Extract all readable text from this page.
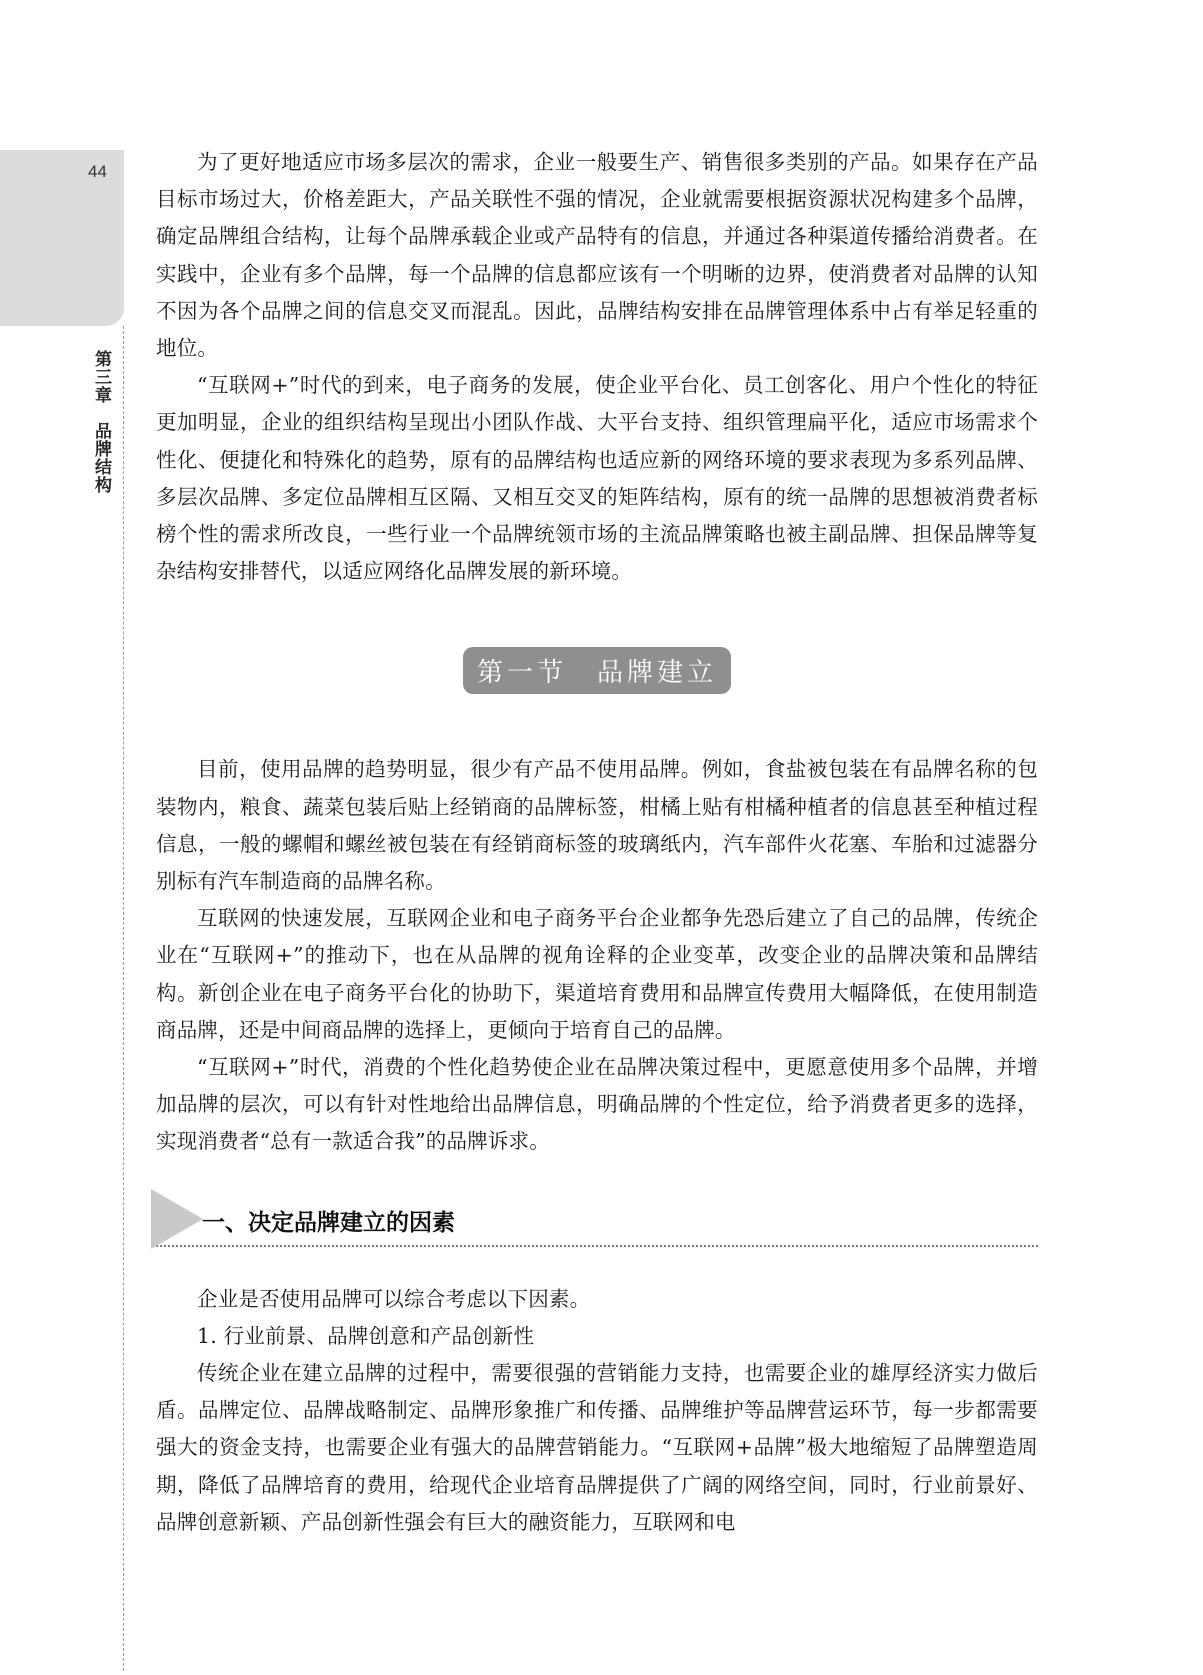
44
第三章　品牌结构

为了更好地适应市场多层次的需求，企业一般要生产、销售很多类别的产品。如果存在产品目标市场过大，价格差距大，产品关联性不强的情况，企业就需要根据资源状况构建多个品牌，确定品牌组合结构，让每个品牌承载企业或产品特有的信息，并通过各种渠道传播给消费者。在实践中，企业有多个品牌，每一个品牌的信息都应该有一个明晰的边界，使消费者对品牌的认知不因为各个品牌之间的信息交叉而混乱。因此，品牌结构安排在品牌管理体系中占有举足轻重的地位。

“互联网+”时代的到来，电子商务的发展，使企业平台化、员工创客化、用户个性化的特征更加明显，企业的组织结构呈现出小团队作战、大平台支持、组织管理扁平化，适应市场需求个性化、便捷化和特殊化的趋势，原有的品牌结构也适应新的网络环境的要求表现为多系列品牌、多层次品牌、多定位品牌相互区隔、又相互交叉的矩阵结构，原有的统一品牌的思想被消费者标榜个性的需求所改良，一些行业一个品牌统领市场的主流品牌策略也被主副品牌、担保品牌等复杂结构安排替代，以适应网络化品牌发展的新环境。

第一节　品牌建立

目前，使用品牌的趋势明显，很少有产品不使用品牌。例如，食盐被包装在有品牌名称的包装物内，粮食、蔬菜包装后贴上经销商的品牌标签，柑橘上贴有柑橘种植者的信息甚至种植过程信息，一般的螺帽和螺丝被包装在有经销商标签的玻璃纸内，汽车部件火花塞、车胎和过滤器分别标有汽车制造商的品牌名称。

互联网的快速发展，互联网企业和电子商务平台企业都争先恐后建立了自己的品牌，传统企业在“互联网+”的推动下，也在从品牌的视角诠释的企业变革，改变企业的品牌决策和品牌结构。新创企业在电子商务平台化的协助下，渠道培育费用和品牌宣传费用大幅降低，在使用制造商品牌，还是中间商品牌的选择上，更倾向于培育自己的品牌。

“互联网+”时代，消费的个性化趋势使企业在品牌决策过程中，更愿意使用多个品牌，并增加品牌的层次，可以有针对性地给出品牌信息，明确品牌的个性定位，给予消费者更多的选择，实现消费者“总有一款适合我”的品牌诉求。

一、决定品牌建立的因素

企业是否使用品牌可以综合考虑以下因素。

1. 行业前景、品牌创意和产品创新性

传统企业在建立品牌的过程中，需要很强的营销能力支持，也需要企业的雄厚经济实力做后盾。品牌定位、品牌战略制定、品牌形象推广和传播、品牌维护等品牌营运环节，每一步都需要强大的资金支持，也需要企业有强大的品牌营销能力。“互联网+品牌”极大地缩短了品牌塑造周期，降低了品牌培育的费用，给现代企业培育品牌提供了广阔的网络空间，同时，行业前景好、品牌创意新颖、产品创新性强会有巨大的融资能力，互联网和电
